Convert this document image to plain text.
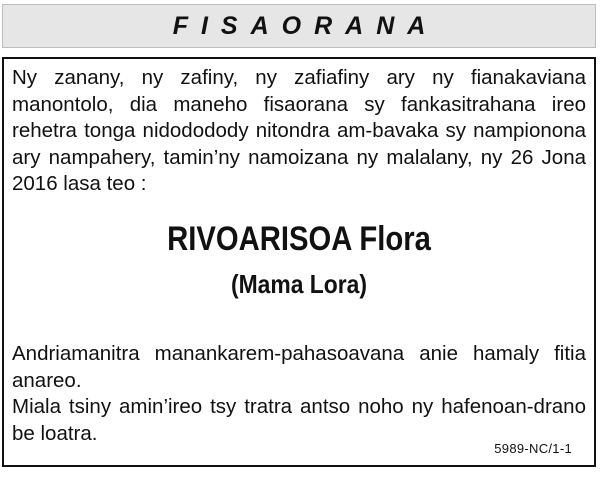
FISAORANA

Ny zanany, ny zafiny, ny zafiafiny ary ny fianakaviana manontolo, dia maneho fisaorana sy fankasitrahana ireo rehetra tonga nidododody nitondra am-bavaka sy nampionona ary nampahery, tamin’ny namoizana ny malalany, ny 26 Jona 2016 lasa teo :

RIVOARISOA Flora
(Mama Lora)

Andriamanitra manankarem-pahasoavana anie hamaly fitia anareo.
Miala tsiny amin’ireo tsy tratra antso noho ny hafenoan-drano be loatra.

5989-NC/1-1
